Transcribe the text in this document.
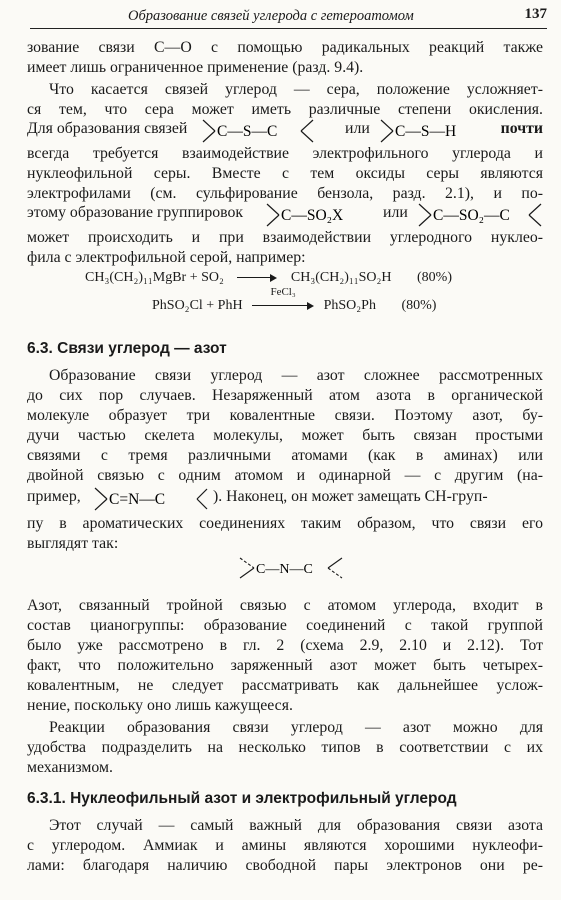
Образование связей углерода с гетероатомом	137
зование связи C—O с помощью радикальных реакций также
имеет лишь ограниченное применение (разд. 9.4).
Что касается связей углерод — сера, положение усложняет-
ся тем, что сера может иметь различные степени окисления.
Для образования связей C—S—C	или C—S—H	почти
всегда требуется взаимодействие электрофильного углерода и
нуклеофильной серы. Вместе с тем оксиды серы являются
электрофилами (см. сульфирование бензола, разд. 2.1), и по-
этому образование группировок C—SO₂X	или C—SO₂—C
может происходить и при взаимодействии углеродного нуклео-
фила с электрофильной серой, например:
CH₃(CH₂)₁₁MgBr + SO₂	CH₃(CH₂)₁₁SO₂H (80%)
PhSO₂Cl + PhH
FeCl₃
PhSO₂Ph (80%)
6.3. Связи углерод — азот
Образование связи углерод — азот сложнее рассмотренных
до сих пор случаев. Незаряженный атом азота в органической
молекуле образует три ковалентные связи. Поэтому азот, бу-
дучи частью скелета молекулы, может быть связан простыми
связями с тремя различными атомами (как в аминах) или
двойной связью с одним атомом и одинарной — с другим (на-
пример, C=N—C	). Наконец, он может замещать CH-груп-
пу в ароматических соединениях таким образом, что связи его
выглядят так:
C—N—C
Азот, связанный тройной связью с атомом углерода, входит в
состав цианогруппы: образование соединений с такой группой
было уже рассмотрено в гл. 2 (схема 2.9, 2.10 и 2.12). Тот
факт, что положительно заряженный азот может быть четырех-
ковалентным, не следует рассматривать как дальнейшее услож-
нение, поскольку оно лишь кажущееся.
Реакции образования связи углерод — азот можно для
удобства подразделить на несколько типов в соответствии с их
механизмом.
6.3.1. Нуклеофильный азот и электрофильный углерод
Этот случай — самый важный для образования связи азота
с углеродом. Аммиак и амины являются хорошими нуклеофи-
лами: благодаря наличию свободной пары электронов они ре-
